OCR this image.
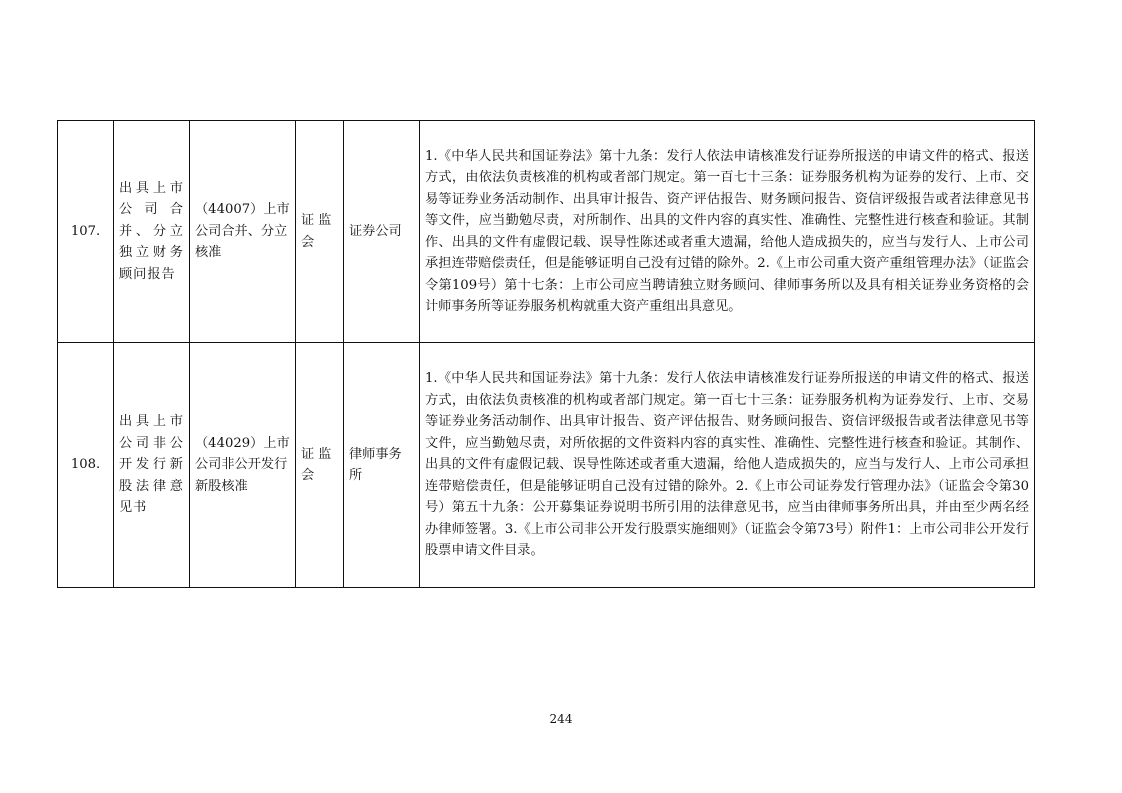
107.	出具上市公司合并、分立独立财务顾问报告	（44007）上市公司合并、分立核准	证监会	证券公司	1.《中华人民共和国证券法》第十九条：发行人依法申请核准发行证券所报送的申请文件的格式、报送方式，由依法负责核准的机构或者部门规定。第一百七十三条：证券服务机构为证券的发行、上市、交易等证券业务活动制作、出具审计报告、资产评估报告、财务顾问报告、资信评级报告或者法律意见书等文件，应当勤勉尽责，对所制作、出具的文件内容的真实性、准确性、完整性进行核查和验证。其制作、出具的文件有虚假记载、误导性陈述或者重大遗漏，给他人造成损失的，应当与发行人、上市公司承担连带赔偿责任，但是能够证明自己没有过错的除外。2.《上市公司重大资产重组管理办法》（证监会令第109号）第十七条：上市公司应当聘请独立财务顾问、律师事务所以及具有相关证券业务资格的会计师事务所等证券服务机构就重大资产重组出具意见。
108.	出具上市公司非公开发行新股法律意见书	（44029）上市公司非公开发行新股核准	证监会	律师事务所	1.《中华人民共和国证券法》第十九条：发行人依法申请核准发行证券所报送的申请文件的格式、报送方式，由依法负责核准的机构或者部门规定。第一百七十三条：证券服务机构为证券发行、上市、交易等证券业务活动制作、出具审计报告、资产评估报告、财务顾问报告、资信评级报告或者法律意见书等文件，应当勤勉尽责，对所依据的文件资料内容的真实性、准确性、完整性进行核查和验证。其制作、出具的文件有虚假记载、误导性陈述或者重大遗漏，给他人造成损失的，应当与发行人、上市公司承担连带赔偿责任，但是能够证明自己没有过错的除外。2.《上市公司证券发行管理办法》（证监会令第30号）第五十九条：公开募集证券说明书所引用的法律意见书，应当由律师事务所出具，并由至少两名经办律师签署。3.《上市公司非公开发行股票实施细则》（证监会令第73号）附件1：上市公司非公开发行股票申请文件目录。
244
